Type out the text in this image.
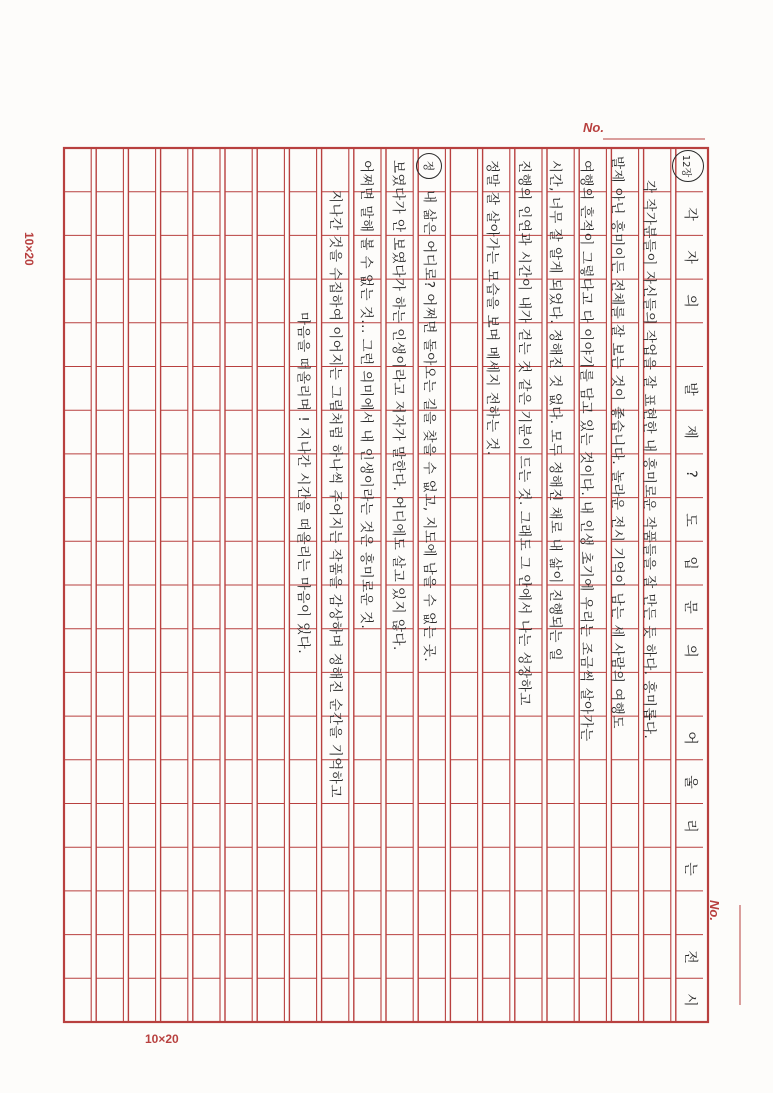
No.
No.
10×20
10×20
12장
각
자
의
발
제
?
도
입
문
의
어
울
리
는
전
시
각 작가분들이 자신들의 작업을 잘 표현한 내 흥미로운 작품들을 잘 만든 듯 하다. 흥미롭다.
발제 아닌 흥미이든 전체를 잘 보는 것이 좋습니다. 놀라운 전시 기억이 남는 세 사람의 여행도
여행의 흔적이 그렇다고 다 이야기를 담고 있는 것이다. 내 인생 초기에 우리는 조금씩 살아가는
시간, 너무 잘 알게 되었다. 정해진 것 없다. 모두 정해진 채로 내 삶이 진행되는 일
진행의 인연과 시간이 내가 걷는 것 같은 기분이 드는 것. 그래도 그 안에서 나는 성장하고
정말 잘 살아가는 모습을 보며 메세지 전하는 것.
정
내 삶은 어디로? 어쩌면 돌아오는 길을 찾을 수 없고, 지도에 남을 수 없는 곳.
보였다가 안 보였다가 하는 인생이라고 저자가 말한다. 어디에도 살고 있지 않다.
어쩌면 말해 볼 수 없는 것... 그런 의미에서 내 인생이라는 것은 흥미로운 것.
지나간 것을 수집하여 이어지는 그림처럼 하나씩 주어지는 작품을 감상하며 정해진 순간을 기억하고
마음을 떠올리며 ! 지나간 시간을 떠올리는 마음이 있다.
